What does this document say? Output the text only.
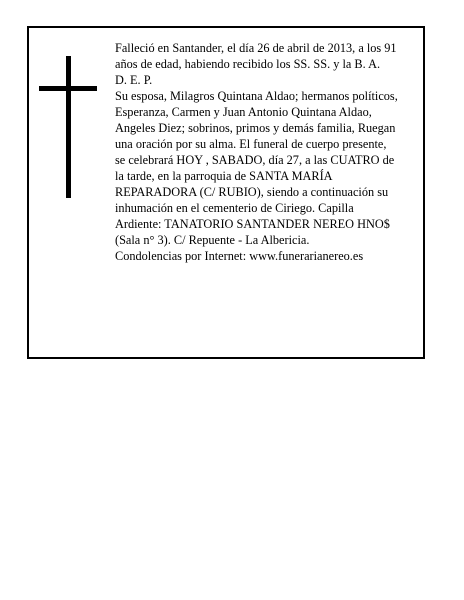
Falleció en Santander, el día 26 de abril de 2013, a los 91 años de edad, habiendo recibido los SS. SS. y la B. A.

D. E. P.

Su esposa, Milagros Quintana Aldao; hermanos políticos, Esperanza, Carmen y Juan Antonio Quintana Aldao, Angeles Diez; sobrinos, primos y demás familia, Ruegan una oración por su alma. El funeral de cuerpo presente, se celebrará HOY , SABADO, día 27, a las CUATRO de la tarde, en la parroquia de SANTA MARÍA REPARADORA (C/ RUBIO), siendo a continuación su inhumación en el cementerio de Ciriego. Capilla Ardiente: TANATORIO SANTANDER NEREO HNO$ (Sala n° 3). C/ Repuente - La Albericia.

Condolencias por Internet: www.funerarianereo.es
